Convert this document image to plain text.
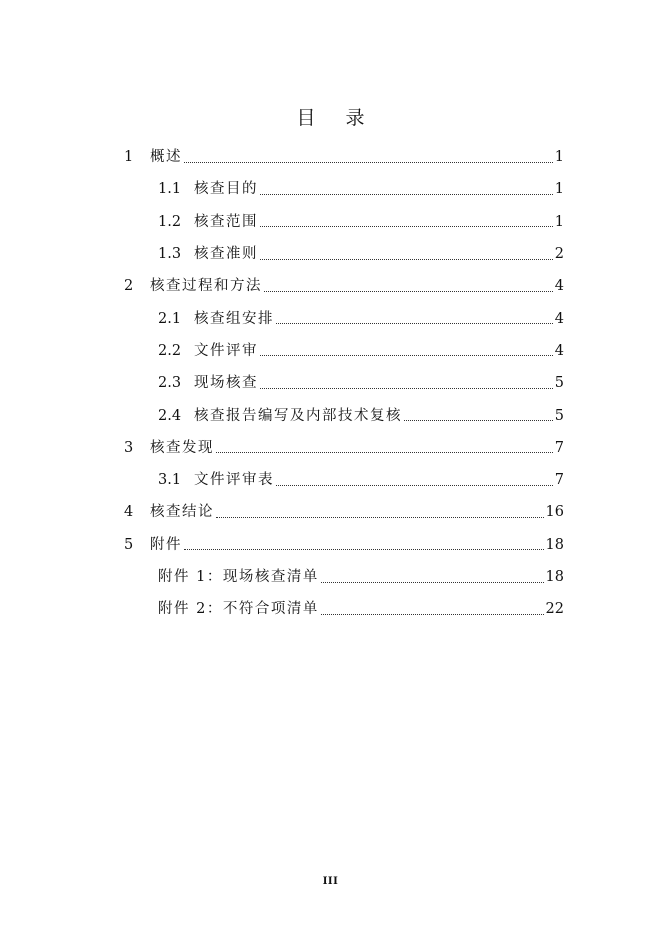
目 录
1	概述	1
1.1 核查目的	1
1.2 核查范围	1
1.3 核查准则	2
2	核查过程和方法	4
2.1 核查组安排	4
2.2 文件评审	4
2.3 现场核查	5
2.4 核查报告编写及内部技术复核	5
3	核查发现	7
3.1 文件评审表	7
4	核查结论	16
5	附件	18
附件 1：现场核查清单	18
附件 2：不符合项清单	22
III
